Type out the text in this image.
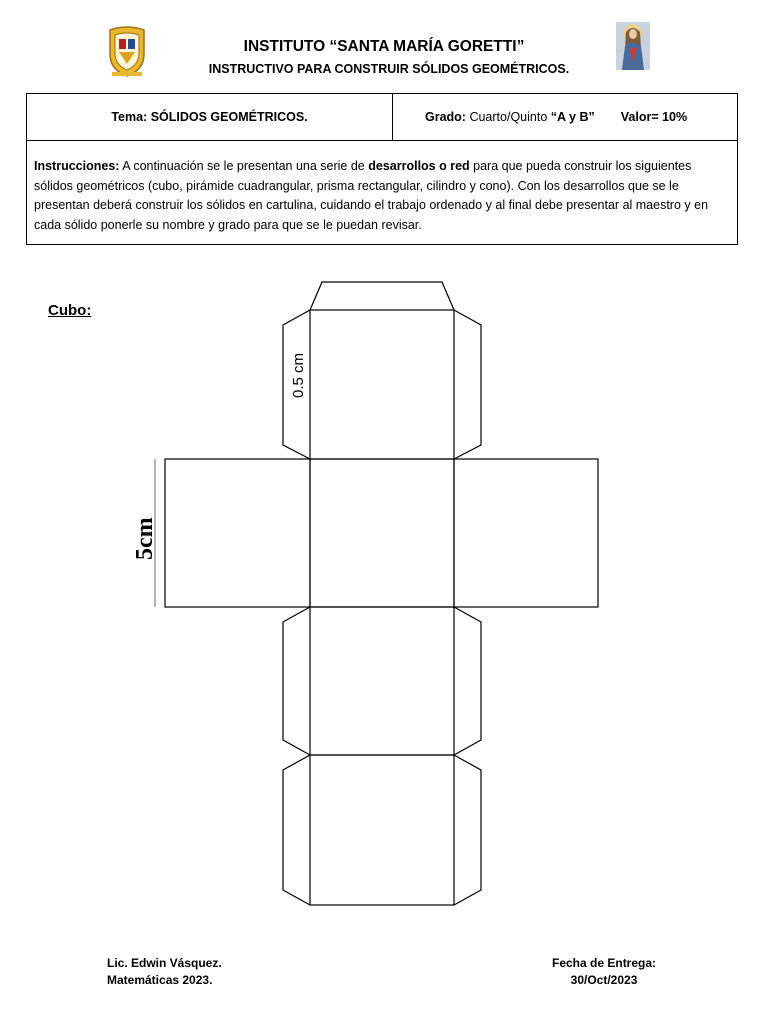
INSTITUTO “SANTA MARÍA GORETTI”
INSTRUCTIVO PARA CONSTRUIR SÓLIDOS GEOMÉTRICOS.
Tema: SÓLIDOS GEOMÉTRICOS.	Grado: Cuarto/Quinto “A y B” Valor= 10%
Instrucciones: A continuación se le presentan una serie de desarrollos o red para que pueda construir los siguientes sólidos geométricos (cubo, pirámide cuadrangular, prisma rectangular, cilindro y cono). Con los desarrollos que se le presentan deberá construir los sólidos en cartulina, cuidando el trabajo ordenado y al final debe presentar al maestro y en cada sólido ponerle su nombre y grado para que se le puedan revisar.
Cubo:
0.5 cm
5cm
Lic. Edwin Vásquez.
Matemáticas 2023.
Fecha de Entrega:
30/Oct/2023
